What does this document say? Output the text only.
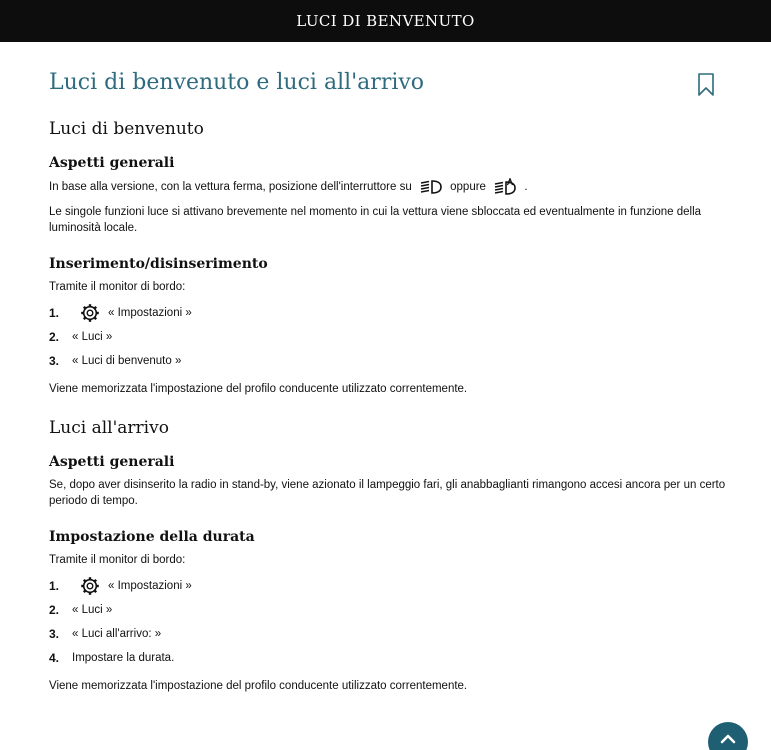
LUCI DI BENVENUTO
Luci di benvenuto e luci all'arrivo
Luci di benvenuto
Aspetti generali

In base alla versione, con la vettura ferma, posizione dell'interruttore su	oppure	.

Le singole funzioni luce si attivano brevemente nel momento in cui la vettura viene sbloccata ed eventualmente in funzione della luminosità locale.

Inserimento/disinserimento

Tramite il monitor di bordo:

1.	« Impostazioni »
2.	« Luci »
3.	« Luci di benvenuto »

Viene memorizzata l'impostazione del profilo conducente utilizzato correntemente.

Luci all'arrivo
Aspetti generali

Se, dopo aver disinserito la radio in stand-by, viene azionato il lampeggio fari, gli anabbaglianti rimangono accesi ancora per un certo periodo di tempo.

Impostazione della durata

Tramite il monitor di bordo:

1.	« Impostazioni »
2.	« Luci »
3.	« Luci all'arrivo: »
4.	Impostare la durata.

Viene memorizzata l'impostazione del profilo conducente utilizzato correntemente.
